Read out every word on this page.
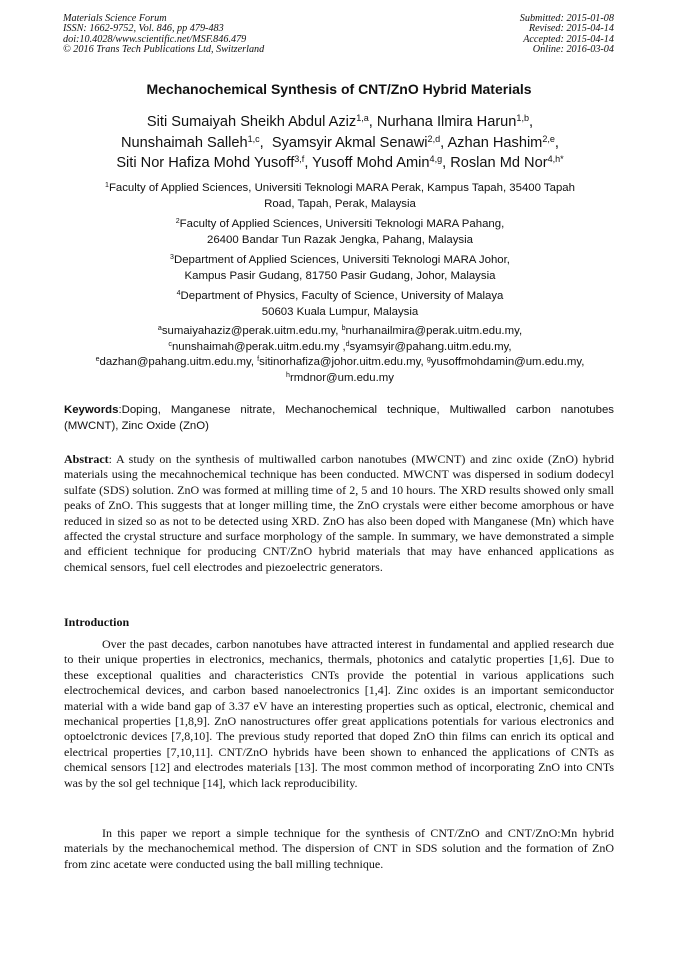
Materials Science Forum
ISSN: 1662-9752, Vol. 846, pp 479-483
doi:10.4028/www.scientific.net/MSF.846.479
© 2016 Trans Tech Publications Ltd, Switzerland
Submitted: 2015-01-08
Revised: 2015-04-14
Accepted: 2015-04-14
Online: 2016-03-04
Mechanochemical Synthesis of CNT/ZnO Hybrid Materials
Siti Sumaiyah Sheikh Abdul Aziz$^{1,a}$, Nurhana Ilmira Harun$^{1,b}$,
Nunshaimah Salleh$^{1,c}$,  Syamsyir Akmal Senawi$^{2,d}$, Azhan Hashim$^{2,e}$,
Siti Nor Hafiza Mohd Yusoff$^{3,f}$, Yusoff Mohd Amin$^{4,g}$, Roslan Md Nor$^{4,h*}$
$^1$Faculty of Applied Sciences, Universiti Teknologi MARA Perak, Kampus Tapah, 35400 Tapah
Road, Tapah, Perak, Malaysia
$^2$Faculty of Applied Sciences, Universiti Teknologi MARA Pahang,
26400 Bandar Tun Razak Jengka, Pahang, Malaysia
$^3$Department of Applied Sciences, Universiti Teknologi MARA Johor,
Kampus Pasir Gudang, 81750 Pasir Gudang, Johor, Malaysia
$^4$Department of Physics, Faculty of Science, University of Malaya
50603 Kuala Lumpur, Malaysia
$^a$sumaiyahaziz@perak.uitm.edu.my, $^b$nurhanailmira@perak.uitm.edu.my,
$^c$nunshaimah@perak.uitm.edu.my ,$^d$syamsyir@pahang.uitm.edu.my,
$^e$dazhan@pahang.uitm.edu.my, $^f$sitinorhafiza@johor.uitm.edu.my, $^g$yusoffmohdamin@um.edu.my,
$^h$rmdnor@um.edu.my
Keywords:Doping, Manganese nitrate, Mechanochemical technique, Multiwalled carbon nanotubes (MWCNT), Zinc Oxide (ZnO)
Abstract: A study on the synthesis of multiwalled carbon nanotubes (MWCNT) and zinc oxide (ZnO) hybrid materials using the mecahnochemical technique has been conducted. MWCNT was dispersed in sodium dodecyl sulfate (SDS) solution. ZnO was formed at milling time of 2, 5 and 10 hours. The XRD results showed only small peaks of ZnO. This suggests that at longer milling time, the ZnO crystals were either become amorphous or have reduced in sized so as not to be detected using XRD. ZnO has also been doped with Manganese (Mn) which have affected the crystal structure and surface morphology of the sample. In summary, we have demonstrated a simple and efficient technique for producing CNT/ZnO hybrid materials that may have enhanced applications as chemical sensors, fuel cell electrodes and piezoelectric generators.
Introduction
Over the past decades, carbon nanotubes have attracted interest in fundamental and applied research due to their unique properties in electronics, mechanics, thermals, photonics and catalytic properties [1,6]. Due to these exceptional qualities and characteristics CNTs provide the potential in various applications such electrochemical devices, and carbon based nanoelectronics [1,4]. Zinc oxides is an important semiconductor material with a wide band gap of 3.37 eV have an interesting properties such as optical, electronic, chemical and mechanical properties [1,8,9]. ZnO nanostructures offer great applications potentials for various electronics and optoelctronic devices [7,8,10]. The previous study reported that doped ZnO thin films can enrich its optical and electrical properties [7,10,11]. CNT/ZnO hybrids have been shown to enhanced the applications of CNTs as chemical sensors [12] and electrodes materials [13]. The most common method of incorporating ZnO into CNTs was by the sol gel technique [14], which lack reproducibility.
In this paper we report a simple technique for the synthesis of CNT/ZnO and CNT/ZnO:Mn hybrid materials by the mechanochemical method. The dispersion of CNT in SDS solution and the formation of ZnO from zinc acetate were conducted using the ball milling technique.
